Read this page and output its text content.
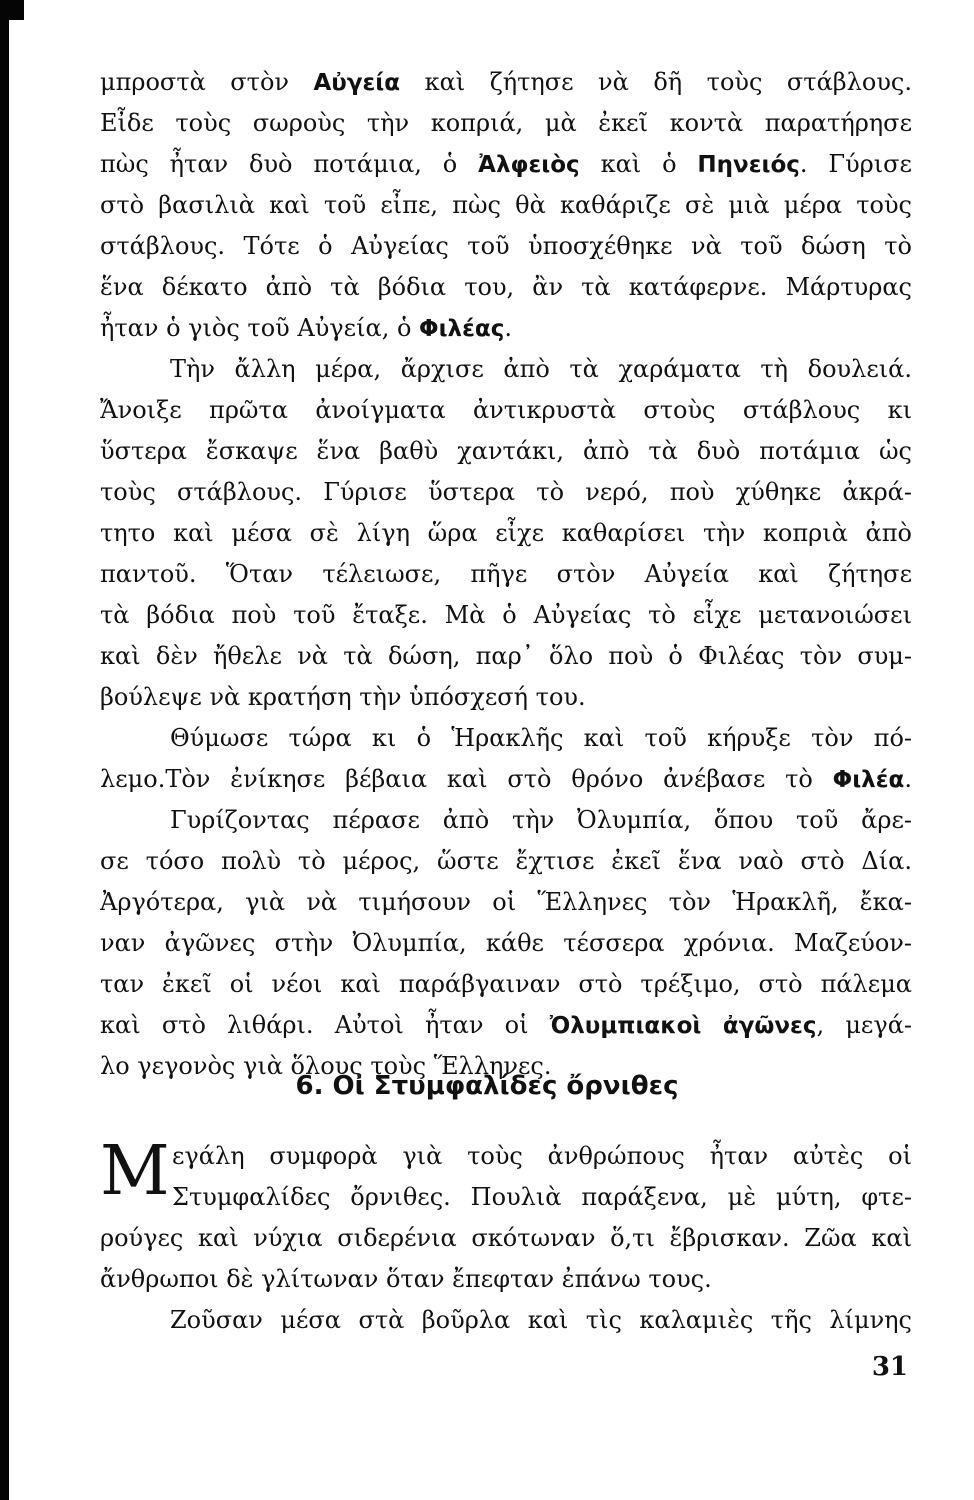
μπροστὰ στὸν Αὐγεία καὶ ζήτησε νὰ δῆ τοὺς στάβλους.
Εἶδε τοὺς σωροὺς τὴν κοπριά, μὰ ἐκεῖ κοντὰ παρατήρησε
πὼς ἦταν δυὸ ποτάμια, ὁ Ἀλφειὸς καὶ ὁ Πηνειός. Γύρισε
στὸ βασιλιὰ καὶ τοῦ εἶπε, πὼς θὰ καθάριζε σὲ μιὰ μέρα τοὺς
στάβλους. Τότε ὁ Αὐγείας τοῦ ὑποσχέθηκε νὰ τοῦ δώση τὸ
ἕνα δέκατο ἀπὸ τὰ βόδια του, ἂν τὰ κατάφερνε. Μάρτυρας
ἦταν ὁ γιὸς τοῦ Αὐγεία, ὁ Φιλέας.
Τὴν ἄλλη μέρα, ἄρχισε ἀπὸ τὰ χαράματα τὴ δουλειά.
Ἄνοιξε πρῶτα ἀνοίγματα ἀντικρυστὰ στοὺς στάβλους κι
ὕστερα ἔσκαψε ἕνα βαθὺ χαντάκι, ἀπὸ τὰ δυὸ ποτάμια ὡς
τοὺς στάβλους. Γύρισε ὕστερα τὸ νερό, ποὺ χύθηκε ἀκρά-
τητο καὶ μέσα σὲ λίγη ὥρα εἶχε καθαρίσει τὴν κοπριὰ ἀπὸ
παντοῦ. Ὅταν τέλειωσε, πῆγε στὸν Αὐγεία καὶ ζήτησε
τὰ βόδια ποὺ τοῦ ἔταξε. Μὰ ὁ Αὐγείας τὸ εἶχε μετανοιώσει
καὶ δὲν ἤθελε νὰ τὰ δώση, παρ᾽ ὅλο ποὺ ὁ Φιλέας τὸν συμ-
βούλεψε νὰ κρατήση τὴν ὑπόσχεσή του.
Θύμωσε τώρα κι ὁ Ἡρακλῆς καὶ τοῦ κήρυξε τὸν πό-
λεμο.Τὸν ἐνίκησε βέβαια καὶ στὸ θρόνο ἀνέβασε τὸ Φιλέα.
Γυρίζοντας πέρασε ἀπὸ τὴν Ὀλυμπία, ὅπου τοῦ ἄρε-
σε τόσο πολὺ τὸ μέρος, ὥστε ἔχτισε ἐκεῖ ἕνα ναὸ στὸ Δία.
Ἀργότερα, γιὰ νὰ τιμήσουν οἱ Ἕλληνες τὸν Ἡρακλῆ, ἔκα-
ναν ἀγῶνες στὴν Ὀλυμπία, κάθε τέσσερα χρόνια. Μαζεύον-
ταν ἐκεῖ οἱ νέοι καὶ παράβγαιναν στὸ τρέξιμο, στὸ πάλεμα
καὶ στὸ λιθάρι. Αὐτοὶ ἦταν οἱ Ὀλυμπιακοὶ ἀγῶνες, μεγά-
λο γεγονὸς γιὰ ὅλους τοὺς Ἕλληνες.
6. Οἱ Στυμφαλίδες ὄρνιθες
Μ εγάλη συμφορὰ γιὰ τοὺς ἀνθρώπους ἦταν αὐτὲς οἱ
Στυμφαλίδες ὄρνιθες. Πουλιὰ παράξενα, μὲ μύτη, φτε-
ρούγες καὶ νύχια σιδερένια σκότωναν ὅ,τι ἔβρισκαν. Ζῶα καὶ
ἄνθρωποι δὲ γλίτωναν ὅταν ἔπεφταν ἐπάνω τους.
Ζοῦσαν μέσα στὰ βοῦρλα καὶ τὶς καλαμιὲς τῆς λίμνης
31
